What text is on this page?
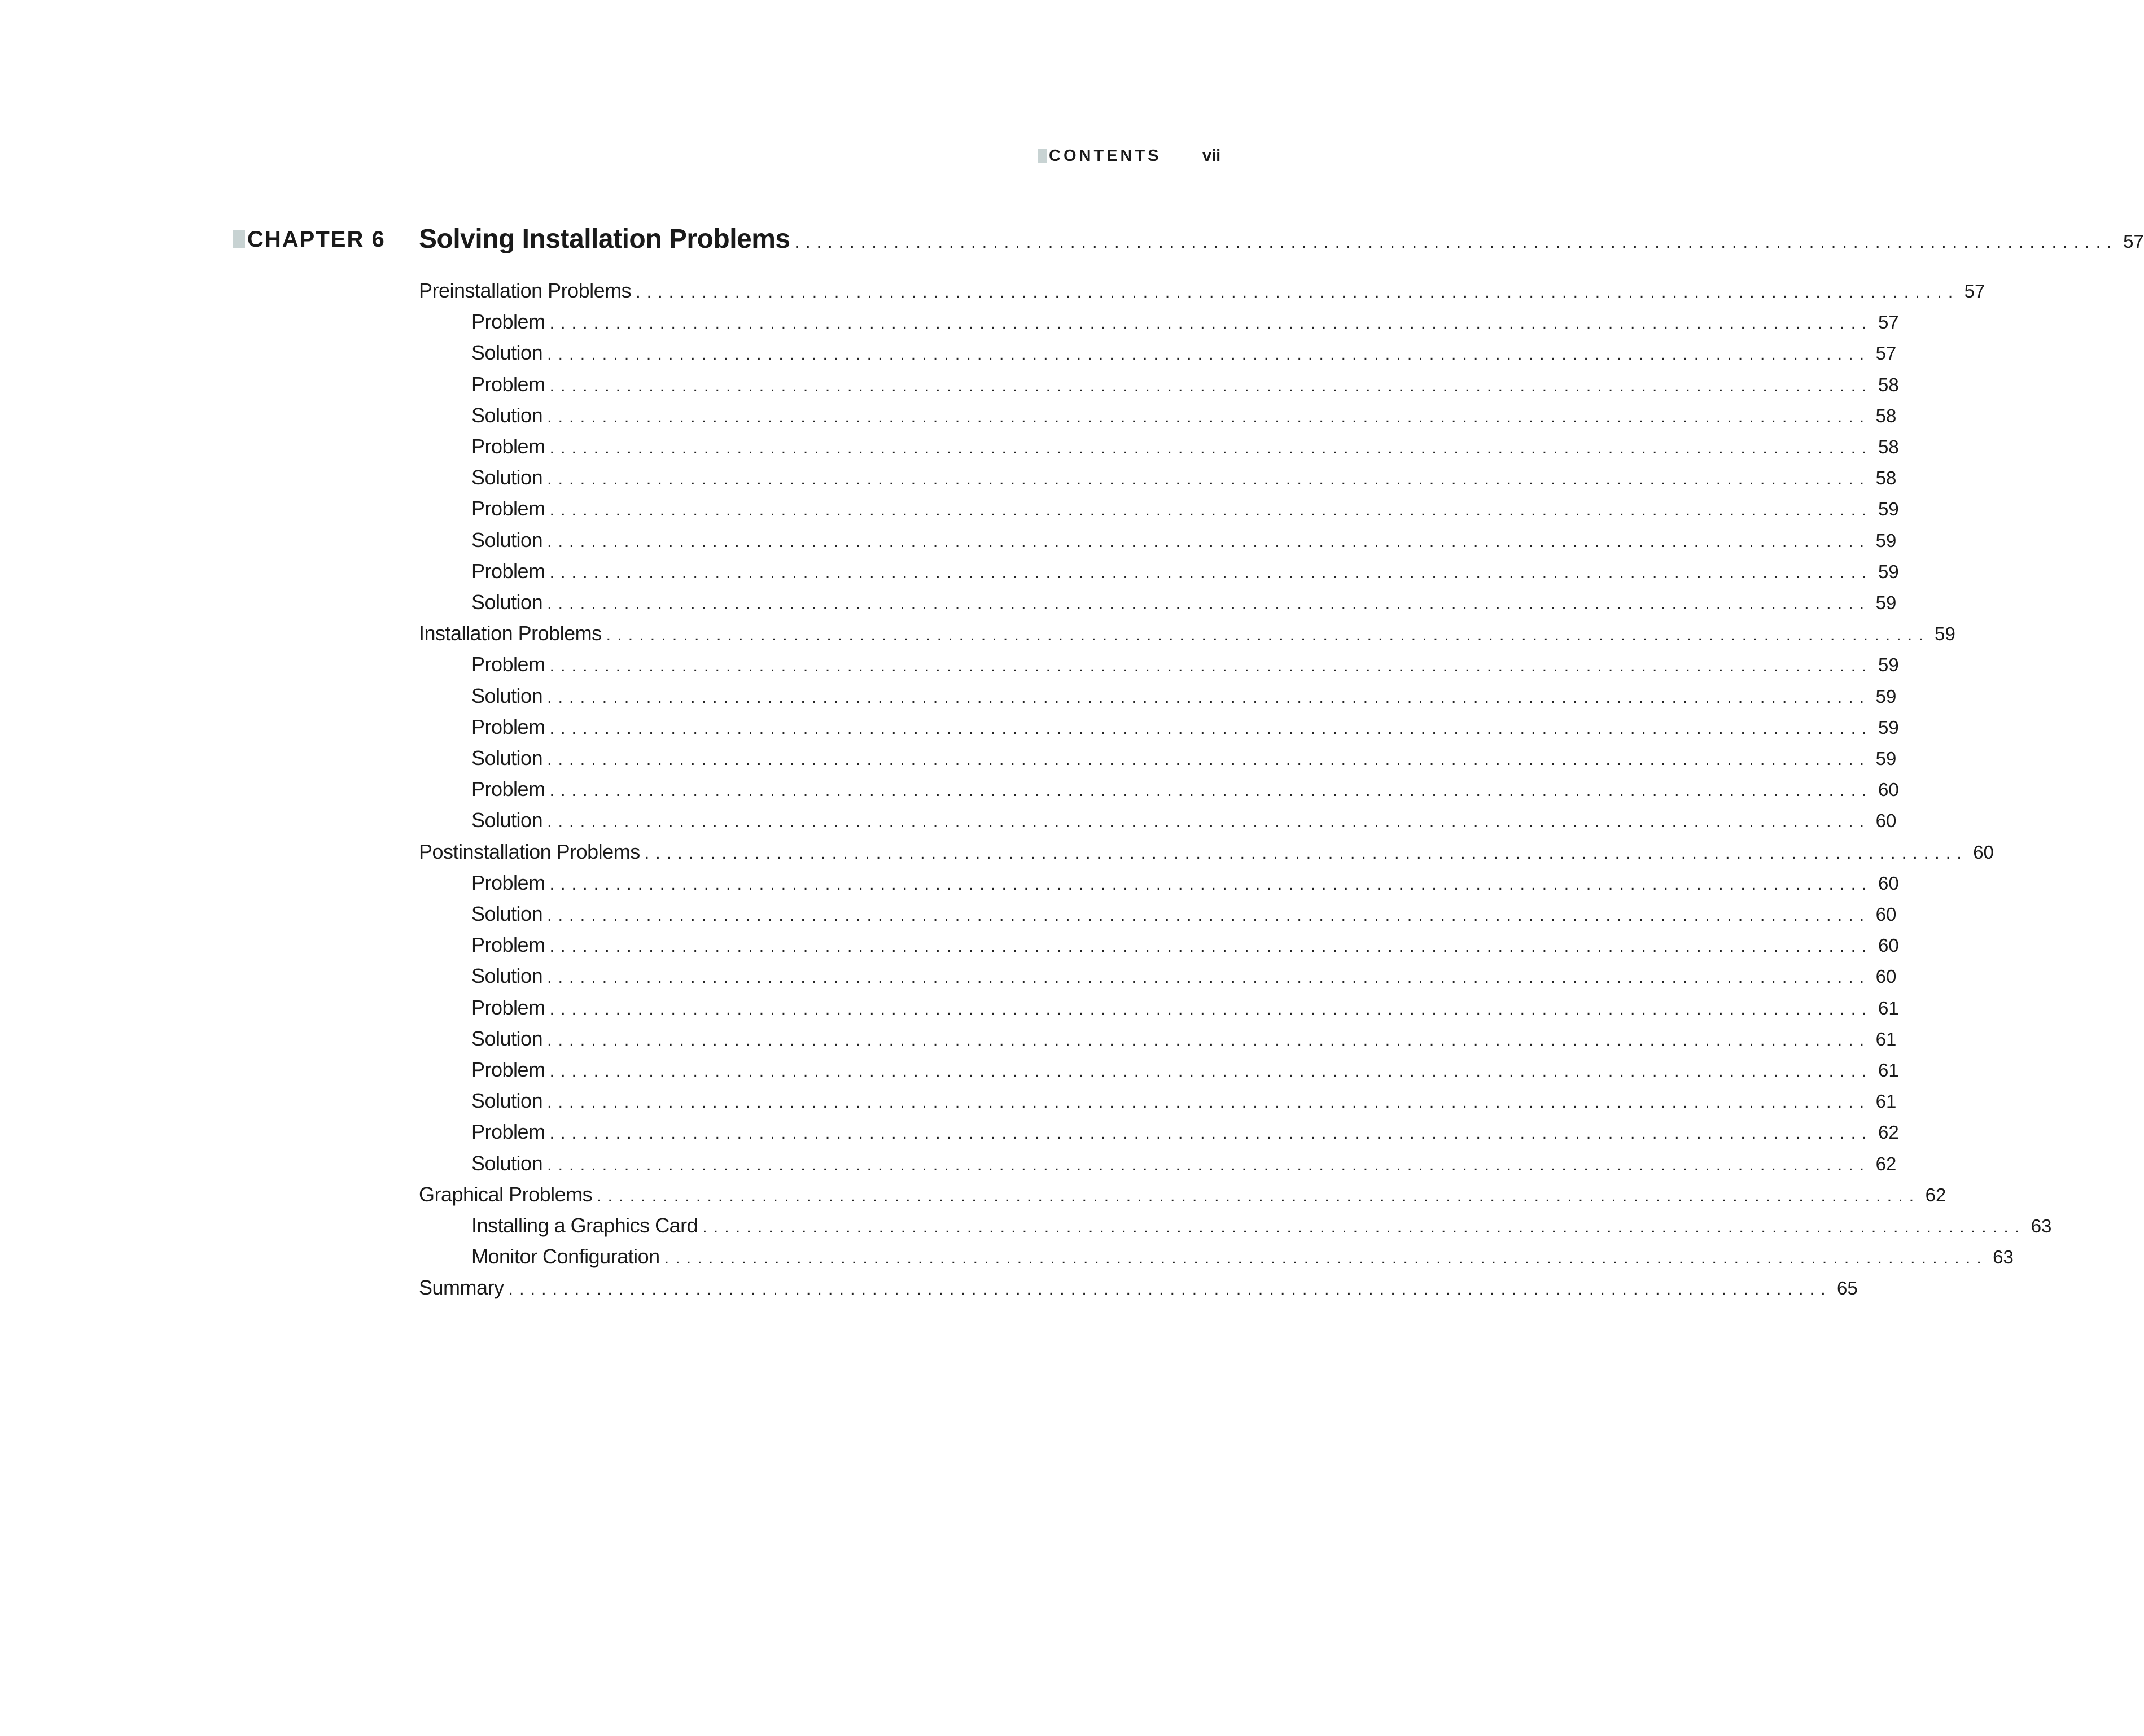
CONTENTS	vii
CHAPTER 6 Solving Installation Problems ........................................................................................................................ 57
Preinstallation Problems ........................................................................................................................ 57
Problem ........................................................................................................................ 57
Solution ........................................................................................................................ 57
Problem ........................................................................................................................ 58
Solution ........................................................................................................................ 58
Problem ........................................................................................................................ 58
Solution ........................................................................................................................ 58
Problem ........................................................................................................................ 59
Solution ........................................................................................................................ 59
Problem ........................................................................................................................ 59
Solution ........................................................................................................................ 59
Installation Problems ........................................................................................................................ 59
Problem ........................................................................................................................ 59
Solution ........................................................................................................................ 59
Problem ........................................................................................................................ 59
Solution ........................................................................................................................ 59
Problem ........................................................................................................................ 60
Solution ........................................................................................................................ 60
Postinstallation Problems ........................................................................................................................ 60
Problem ........................................................................................................................ 60
Solution ........................................................................................................................ 60
Problem ........................................................................................................................ 60
Solution ........................................................................................................................ 60
Problem ........................................................................................................................ 61
Solution ........................................................................................................................ 61
Problem ........................................................................................................................ 61
Solution ........................................................................................................................ 61
Problem ........................................................................................................................ 62
Solution ........................................................................................................................ 62
Graphical Problems ........................................................................................................................ 62
Installing a Graphics Card ........................................................................................................................ 63
Monitor Configuration ........................................................................................................................ 63
Summary ........................................................................................................................ 65
